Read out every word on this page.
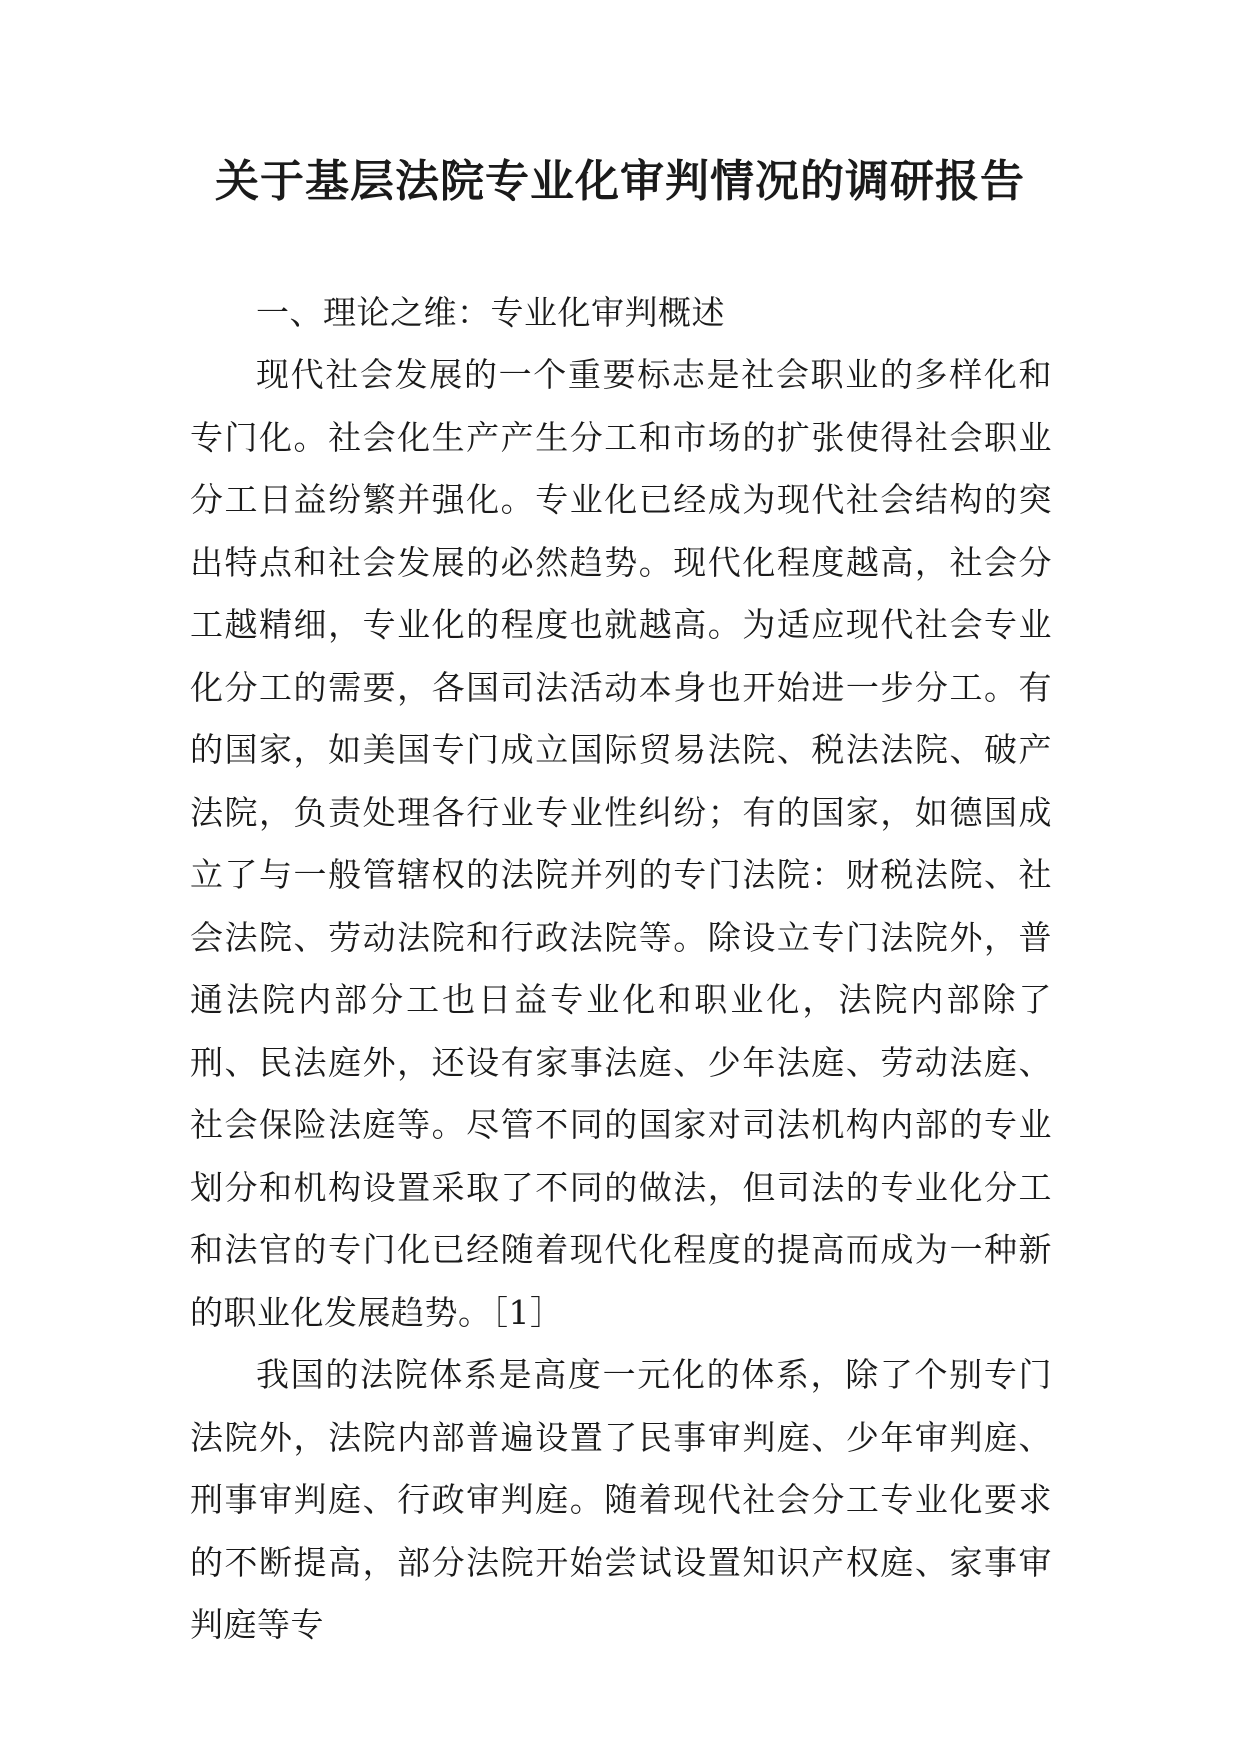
关于基层法院专业化审判情况的调研报告

一、理论之维：专业化审判概述

现代社会发展的一个重要标志是社会职业的多样化和专门化。社会化生产产生分工和市场的扩张使得社会职业分工日益纷繁并强化。专业化已经成为现代社会结构的突出特点和社会发展的必然趋势。现代化程度越高，社会分工越精细，专业化的程度也就越高。为适应现代社会专业化分工的需要，各国司法活动本身也开始进一步分工。有的国家，如美国专门成立国际贸易法院、税法法院、破产法院，负责处理各行业专业性纠纷；有的国家，如德国成立了与一般管辖权的法院并列的专门法院：财税法院、社会法院、劳动法院和行政法院等。除设立专门法院外，普通法院内部分工也日益专业化和职业化，法院内部除了刑、民法庭外，还设有家事法庭、少年法庭、劳动法庭、社会保险法庭等。尽管不同的国家对司法机构内部的专业划分和机构设置采取了不同的做法，但司法的专业化分工和法官的专门化已经随着现代化程度的提高而成为一种新的职业化发展趋势。［1］

我国的法院体系是高度一元化的体系，除了个别专门法院外，法院内部普遍设置了民事审判庭、少年审判庭、刑事审判庭、行政审判庭。随着现代社会分工专业化要求的不断提高，部分法院开始尝试设置知识产权庭、家事审判庭等专
